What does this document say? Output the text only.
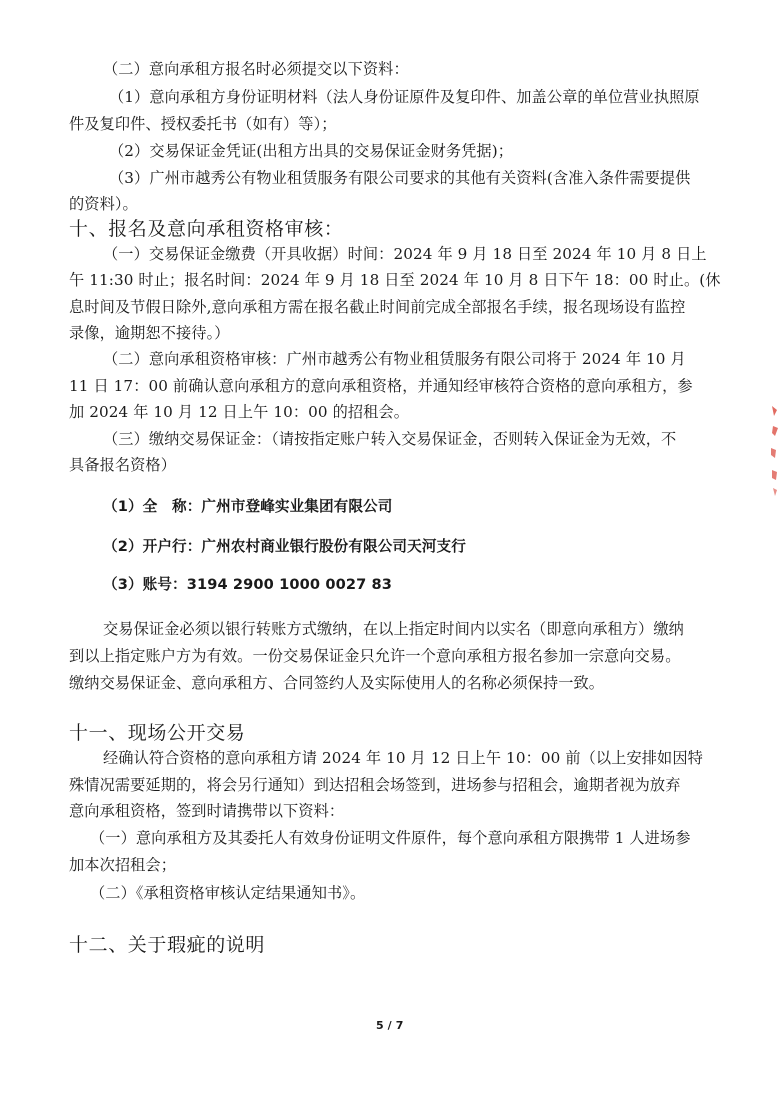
（二）意向承租方报名时必须提交以下资料：
（1）意向承租方身份证明材料（法人身份证原件及复印件、加盖公章的单位营业执照原
件及复印件、授权委托书（如有）等）；
（2）交易保证金凭证(出租方出具的交易保证金财务凭据)；
（3）广州市越秀公有物业租赁服务有限公司要求的其他有关资料(含准入条件需要提供
的资料）。
十、报名及意向承租资格审核：
（一）交易保证金缴费（开具收据）时间：2024 年 9 月 18 日至 2024 年 10 月 8 日上
午 11:30 时止；报名时间：2024 年 9 月 18 日至 2024 年 10 月 8 日下午 18：00 时止。(休
息时间及节假日除外,意向承租方需在报名截止时间前完成全部报名手续，报名现场设有监控
录像，逾期恕不接待。）
（二）意向承租资格审核：广州市越秀公有物业租赁服务有限公司将于 2024 年 10 月
11 日 17：00 前确认意向承租方的意向承租资格，并通知经审核符合资格的意向承租方，参
加 2024 年 10 月 12 日上午 10：00 的招租会。
（三）缴纳交易保证金：（请按指定账户转入交易保证金，否则转入保证金为无效，不
具备报名资格）
（1）全　称：广州市登峰实业集团有限公司
（2）开户行：广州农村商业银行股份有限公司天河支行
（3）账号：3194 2900 1000 0027 83
交易保证金必须以银行转账方式缴纳，在以上指定时间内以实名（即意向承租方）缴纳
到以上指定账户方为有效。一份交易保证金只允许一个意向承租方报名参加一宗意向交易。
缴纳交易保证金、意向承租方、合同签约人及实际使用人的名称必须保持一致。
十一、现场公开交易
经确认符合资格的意向承租方请 2024 年 10 月 12 日上午 10：00 前（以上安排如因特
殊情况需要延期的，将会另行通知）到达招租会场签到，进场参与招租会，逾期者视为放弃
意向承租资格，签到时请携带以下资料：
（一）意向承租方及其委托人有效身份证明文件原件，每个意向承租方限携带 1 人进场参
加本次招租会；
（二）《承租资格审核认定结果通知书》。
十二、关于瑕疵的说明
5 / 7
